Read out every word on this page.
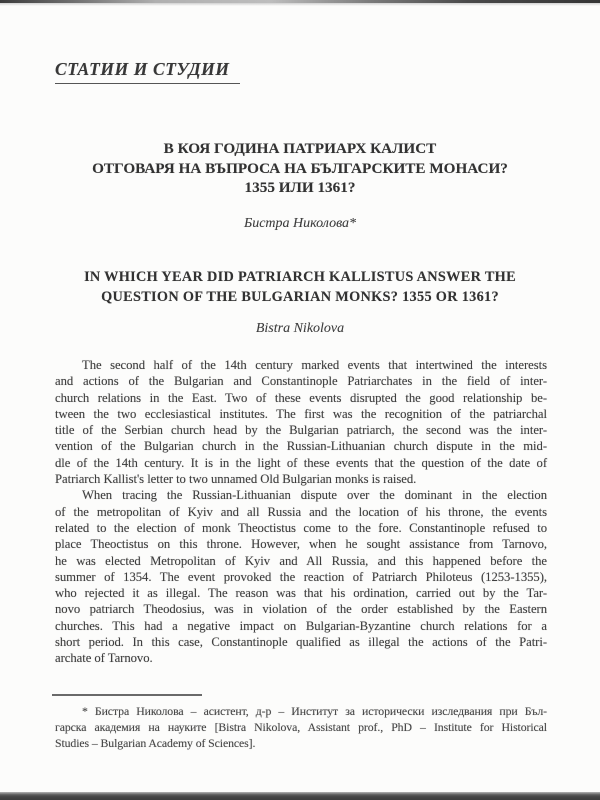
СТАТИИ И СТУДИИ
В КОЯ ГОДИНА ПАТРИАРХ КАЛИСТ
ОТГОВАРЯ НА ВЪПРОСА НА БЪЛГАРСКИТЕ МОНАСИ?
1355 ИЛИ 1361?
Бистра Николова*
IN WHICH YEAR DID PATRIARCH KALLISTUS ANSWER THE
QUESTION OF THE BULGARIAN MONKS? 1355 OR 1361?
Bistra Nikolova
The second half of the 14th century marked events that intertwined the interests
and actions of the Bulgarian and Constantinople Patriarchates in the field of inter-
church relations in the East. Two of these events disrupted the good relationship be-
tween the two ecclesiastical institutes. The first was the recognition of the patriarchal
title of the Serbian church head by the Bulgarian patriarch, the second was the inter-
vention of the Bulgarian church in the Russian-Lithuanian church dispute in the mid-
dle of the 14th century. It is in the light of these events that the question of the date of
Patriarch Kallist's letter to two unnamed Old Bulgarian monks is raised.
When tracing the Russian-Lithuanian dispute over the dominant in the election
of the metropolitan of Kyiv and all Russia and the location of his throne, the events
related to the election of monk Theoctistus come to the fore. Constantinople refused to
place Theoctistus on this throne. However, when he sought assistance from Tarnovo,
he was elected Metropolitan of Kyiv and All Russia, and this happened before the
summer of 1354. The event provoked the reaction of Patriarch Philoteus (1253-1355),
who rejected it as illegal. The reason was that his ordination, carried out by the Tar-
novo patriarch Theodosius, was in violation of the order established by the Eastern
churches. This had a negative impact on Bulgarian-Byzantine church relations for a
short period. In this case, Constantinople qualified as illegal the actions of the Patri-
archate of Tarnovo.
* Бистра Николова – асистент, д-р – Институт за исторически изследвания при Бъл-
гарска академия на науките [Bistra Nikolova, Assistant prof., PhD – Institute for Historical
Studies – Bulgarian Academy of Sciences].
